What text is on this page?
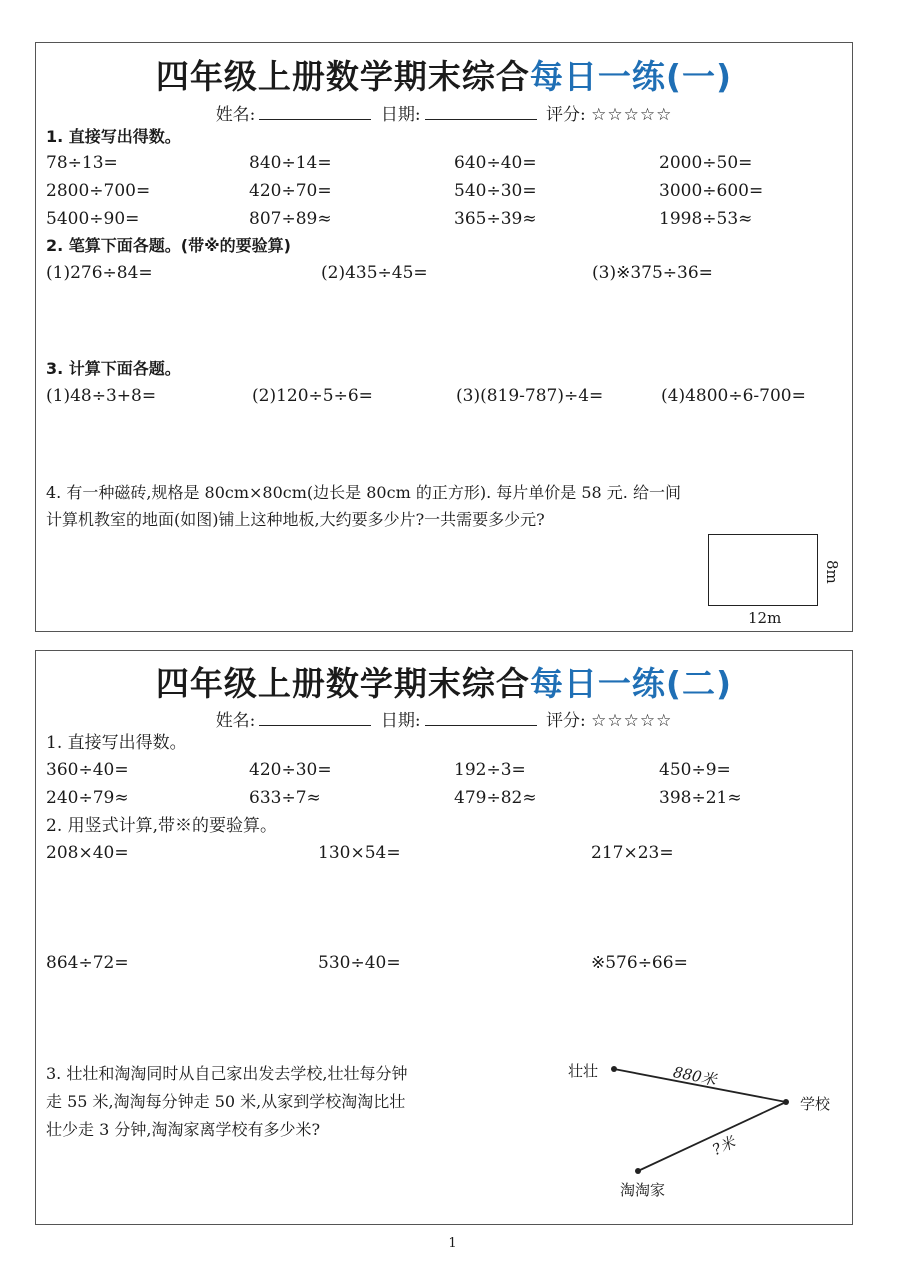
四年级上册数学期末综合每日一练(一)
姓名:	日期:	评分: ☆☆☆☆☆
1. 直接写出得数。
78÷13=	840÷14=	640÷40=	2000÷50=
2800÷700=	420÷70=	540÷30=	3000÷600=
5400÷90=	807÷89≈	365÷39≈	1998÷53≈
2. 笔算下面各题。(带※的要验算)
(1)276÷84=	(2)435÷45=	(3)※375÷36=
3. 计算下面各题。
(1)48÷3+8=	(2)120÷5÷6=	(3)(819-787)÷4=	(4)4800÷6-700=
4. 有一种磁砖,规格是 80cm×80cm(边长是 80cm 的正方形). 每片单价是 58 元. 给一间
计算机教室的地面(如图)铺上这种地板,大约要多少片?一共需要多少元?
8m
12m
四年级上册数学期末综合每日一练(二)
姓名:	日期:	评分: ☆☆☆☆☆
1. 直接写出得数。
360÷40=	420÷30=	192÷3=	450÷9=
240÷79≈	633÷7≈	479÷82≈	398÷21≈
2. 用竖式计算,带※的要验算。
208×40=	130×54=	217×23=
864÷72=	530÷40=	※576÷66=
3. 壮壮和淘淘同时从自己家出发去学校,壮壮每分钟
走 55 米,淘淘每分钟走 50 米,从家到学校淘淘比壮
壮少走 3 分钟,淘淘家离学校有多少米?
壮壮
学校
淘淘家
880米
?米
1
